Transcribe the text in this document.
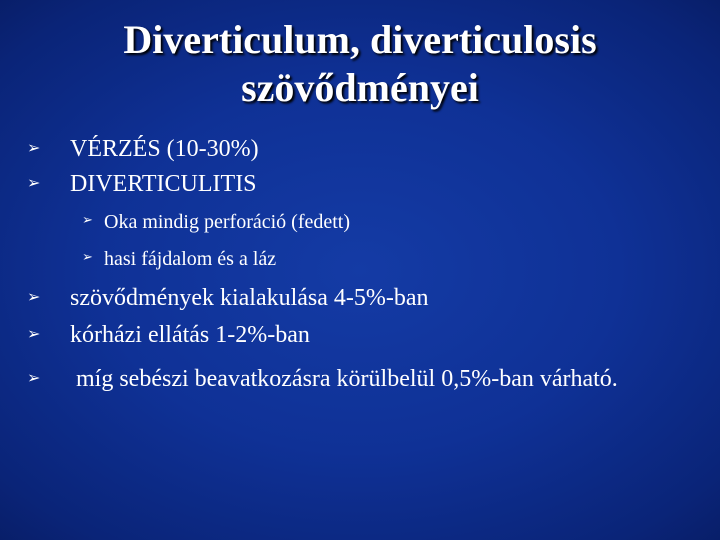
Diverticulum, diverticulosis
szövődményei
➢ VÉRZÉS (10-30%)
➢ DIVERTICULITIS
➢ Oka mindig perforáció (fedett)
➢ hasi fájdalom és a láz
➢ szövődmények kialakulása 4-5%-ban
➢ kórházi ellátás 1-2%-ban
➢ míg sebészi beavatkozásra körülbelül 0,5%-ban várható.
